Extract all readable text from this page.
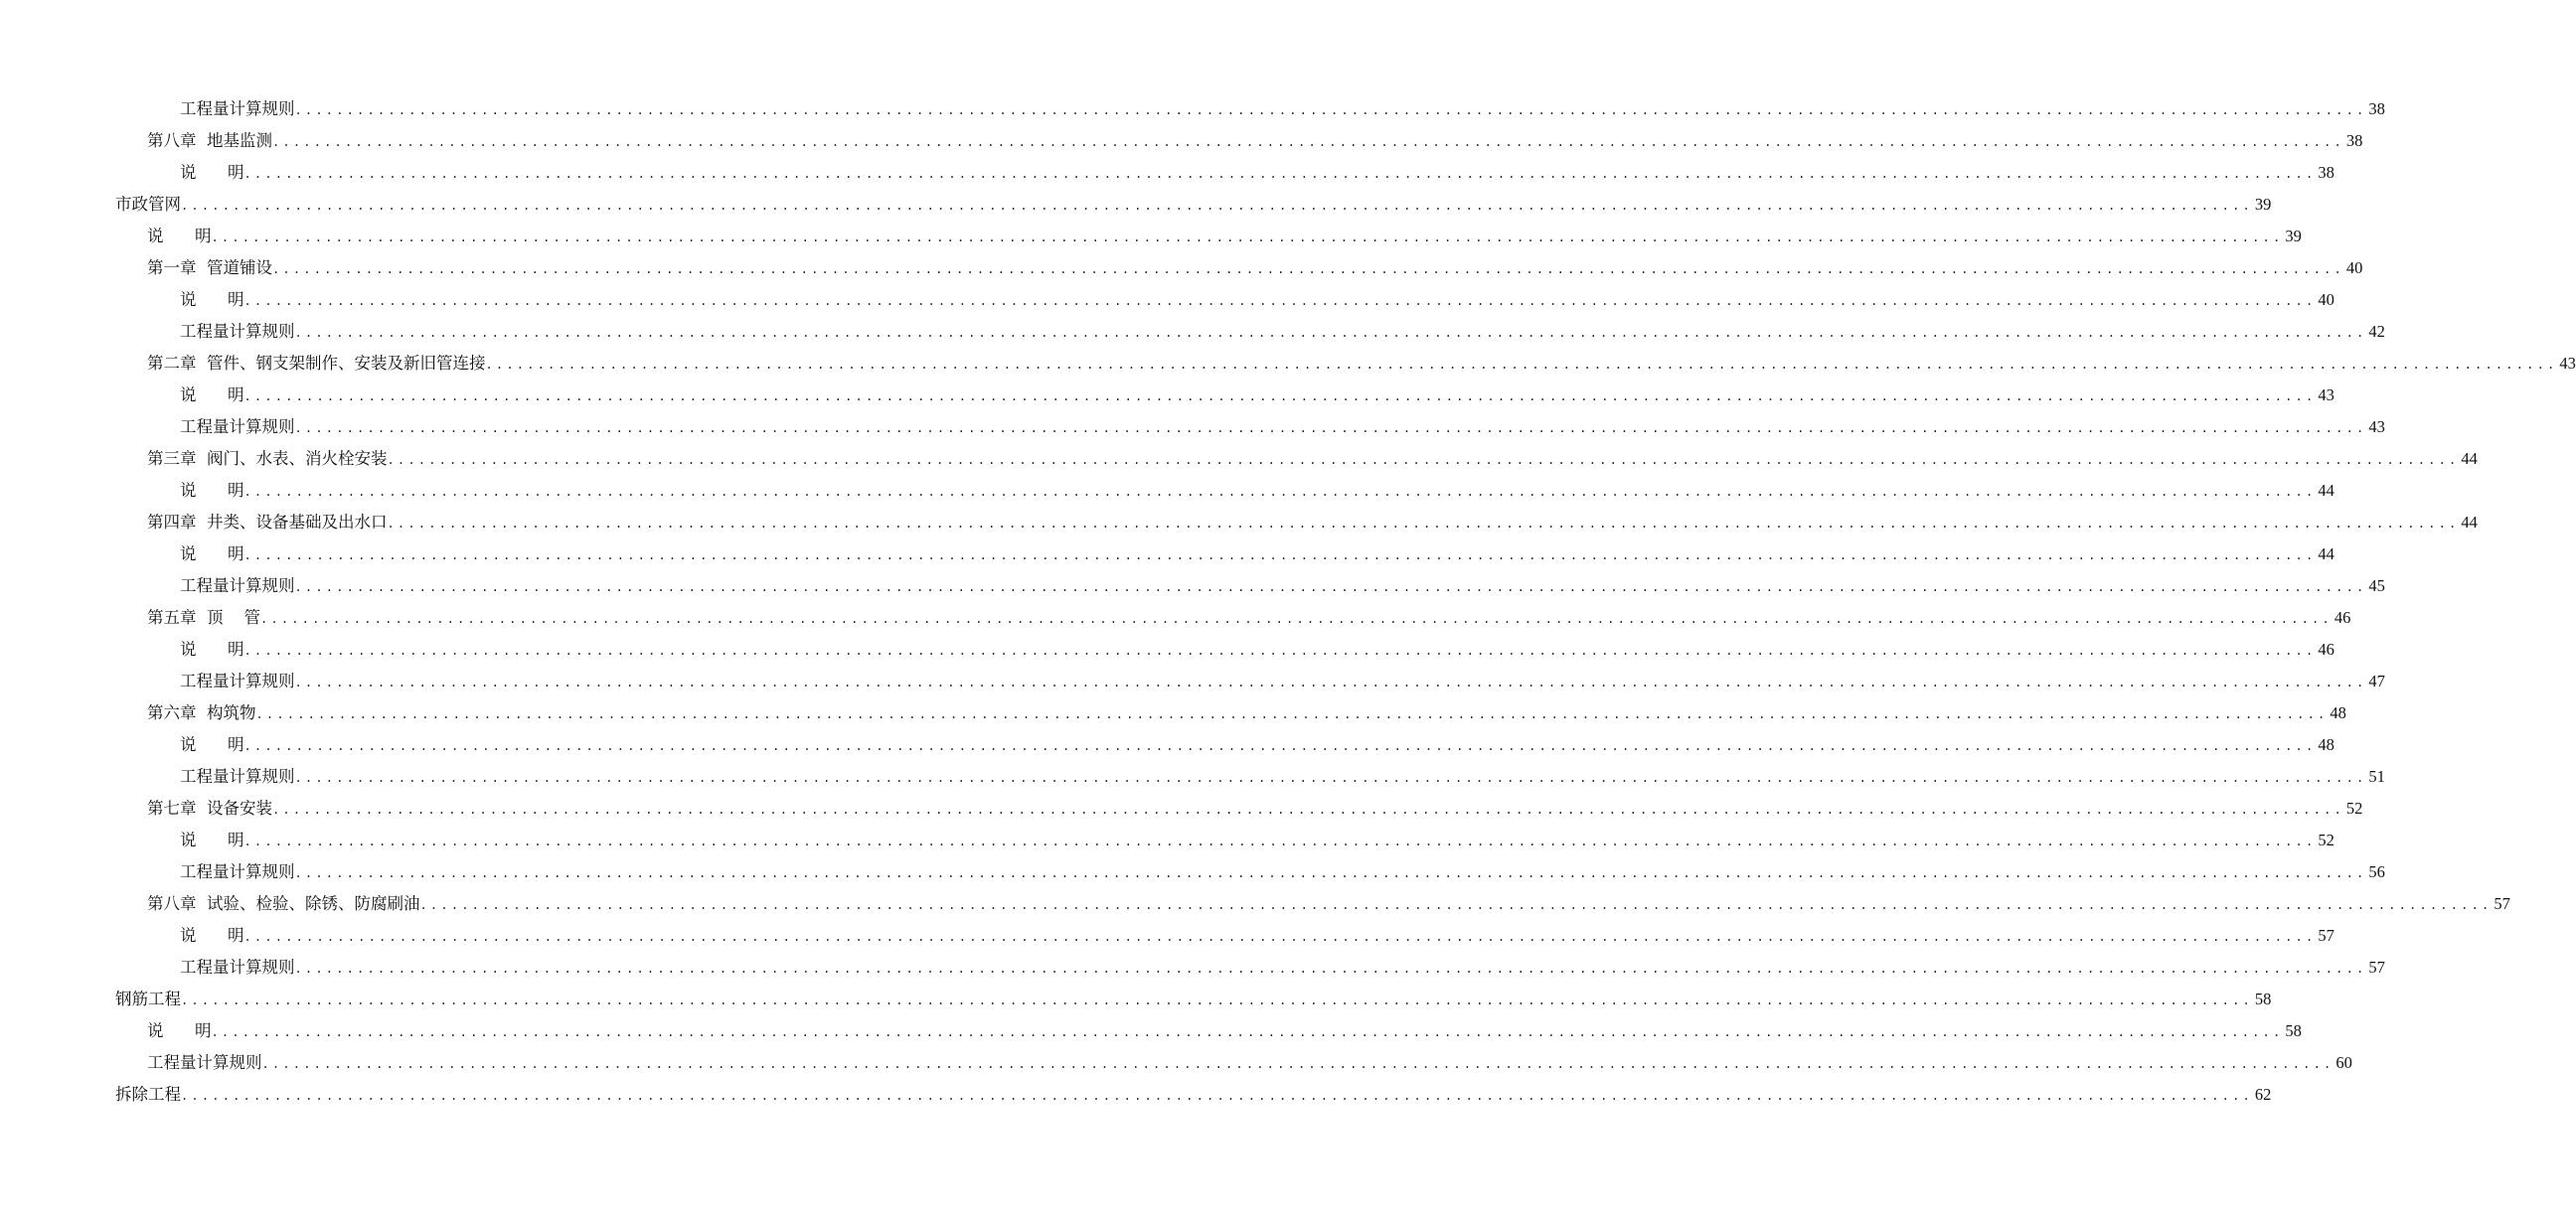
工程量计算规则 ........................................................................................................................................................................................................ 38
第八章  地基监测 ........................................................................................................................................................................................................ 38
说      明 ........................................................................................................................................................................................................ 38
市政管网 ........................................................................................................................................................................................................ 39
说      明 ........................................................................................................................................................................................................ 39
第一章  管道铺设 ........................................................................................................................................................................................................ 40
说      明 ........................................................................................................................................................................................................ 40
工程量计算规则 ........................................................................................................................................................................................................ 42
第二章  管件、钢支架制作、安装及新旧管连接 ........................................................................................................................................................................................................ 43
说      明 ........................................................................................................................................................................................................ 43
工程量计算规则 ........................................................................................................................................................................................................ 43
第三章  阀门、水表、消火栓安装 ........................................................................................................................................................................................................ 44
说      明 ........................................................................................................................................................................................................ 44
第四章  井类、设备基础及出水口 ........................................................................................................................................................................................................ 44
说      明 ........................................................................................................................................................................................................ 44
工程量计算规则 ........................................................................................................................................................................................................ 45
第五章  顶    管 ........................................................................................................................................................................................................ 46
说      明 ........................................................................................................................................................................................................ 46
工程量计算规则 ........................................................................................................................................................................................................ 47
第六章  构筑物 ........................................................................................................................................................................................................ 48
说      明 ........................................................................................................................................................................................................ 48
工程量计算规则 ........................................................................................................................................................................................................ 51
第七章  设备安装 ........................................................................................................................................................................................................ 52
说      明 ........................................................................................................................................................................................................ 52
工程量计算规则 ........................................................................................................................................................................................................ 56
第八章  试验、检验、除锈、防腐刷油 ........................................................................................................................................................................................................ 57
说      明 ........................................................................................................................................................................................................ 57
工程量计算规则 ........................................................................................................................................................................................................ 57
钢筋工程 ........................................................................................................................................................................................................ 58
说      明 ........................................................................................................................................................................................................ 58
工程量计算规则 ........................................................................................................................................................................................................ 60
拆除工程 ........................................................................................................................................................................................................ 62
